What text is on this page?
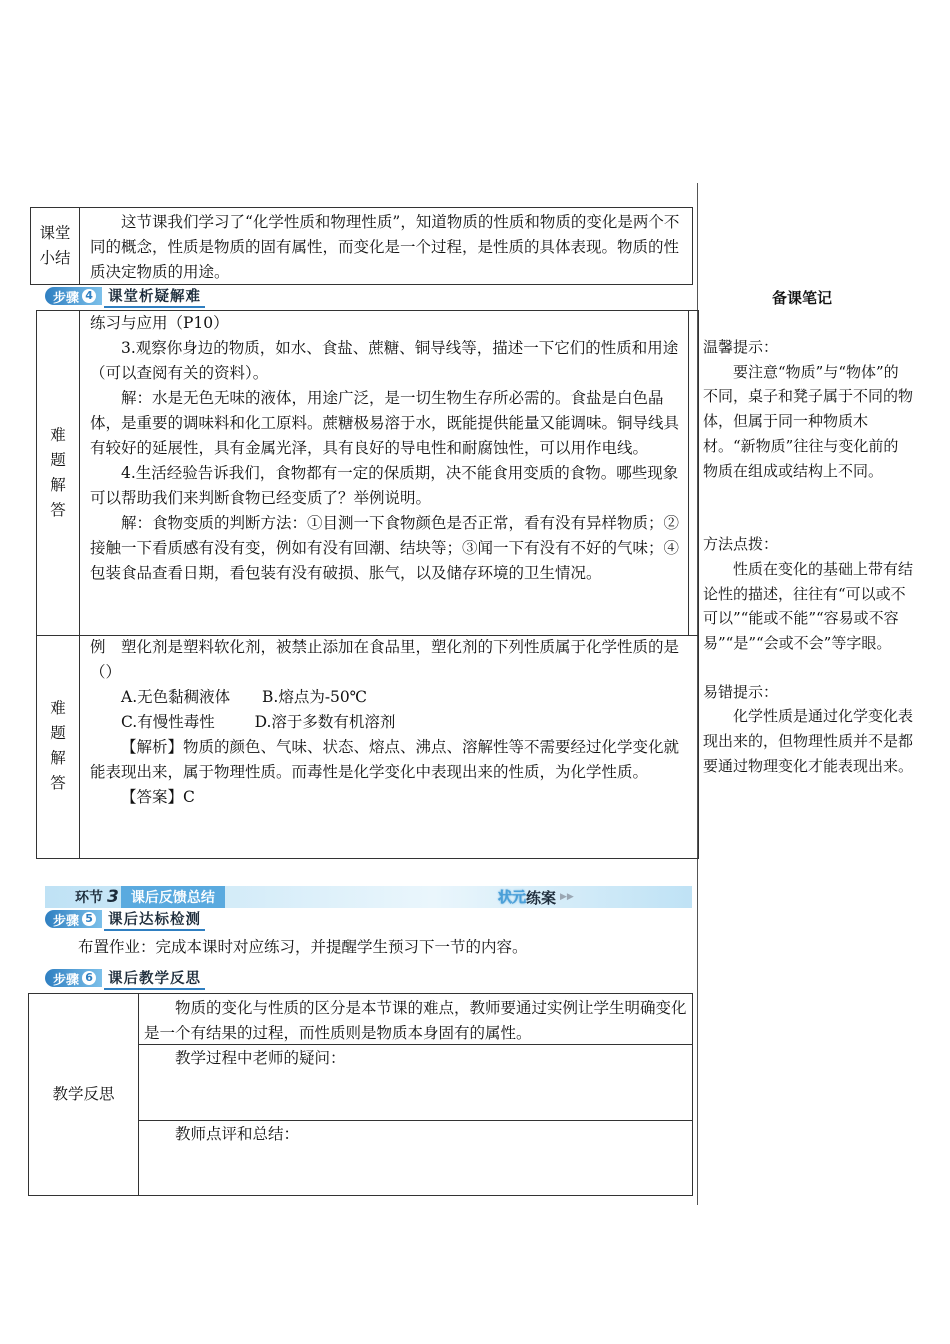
课堂
小结

这节课我们学习了“化学性质和物理性质”，知道物质的性质和物质的变化是两个不同的概念，性质是物质的固有属性，而变化是一个过程，是性质的具体表现。物质的性质决定物质的用途。

步骤 4 课堂析疑解难
难
题
解
答

练习与应用（P10）

3.观察你身边的物质，如水、食盐、蔗糖、铜导线等，描述一下它们的性质和用途（可以查阅有关的资料）。

解：水是无色无味的液体，用途广泛，是一切生物生存所必需的。食盐是白色晶体，是重要的调味料和化工原料。蔗糖极易溶于水，既能提供能量又能调味。铜导线具有较好的延展性，具有金属光泽，具有良好的导电性和耐腐蚀性，可以用作电线。

4.生活经验告诉我们，食物都有一定的保质期，决不能食用变质的食物。哪些现象可以帮助我们来判断食物已经变质了？举例说明。

解：食物变质的判断方法：①目测一下食物颜色是否正常，看有没有异样物质；②接触一下看质感有没有变，例如有没有回潮、结块等；③闻一下有没有不好的气味；④包装食品查看日期，看包装有没有破损、胀气，以及储存环境的卫生情况。

难
题
解
答

例　塑化剂是塑料软化剂，被禁止添加在食品里，塑化剂的下列性质属于化学性质的是（）

A.无色黏稠液体 B.熔点为-50℃

C.有慢性毒性	D.溶于多数有机溶剂

【解析】物质的颜色、气味、状态、熔点、沸点、溶解性等不需要经过化学变化就能表现出来，属于物理性质。而毒性是化学变化中表现出来的性质，为化学性质。

【答案】C

环节 3 课后反馈总结	状元 练案 ▶▶
步骤 5 课后达标检测
布置作业：完成本课时对应练习，并提醒学生预习下一节的内容。
步骤 6 课后教学反思
教学反思

物质的变化与性质的区分是本节课的难点，教师要通过实例让学生明确变化是一个有结果的过程，而性质则是物质本身固有的属性。

教学过程中老师的疑问：

教师点评和总结：

备课笔记

温馨提示：

要注意“物质”与“物体”的不同，桌子和凳子属于不同的物体，但属于同一种物质木材。“新物质”往往与变化前的物质在组成或结构上不同。

方法点拨：

性质在变化的基础上带有结论性的描述，往往有“可以或不可以”“能或不能”“容易或不容易”“是”“会或不会”等字眼。

易错提示：

化学性质是通过化学变化表现出来的，但物理性质并不是都要通过物理变化才能表现出来。
